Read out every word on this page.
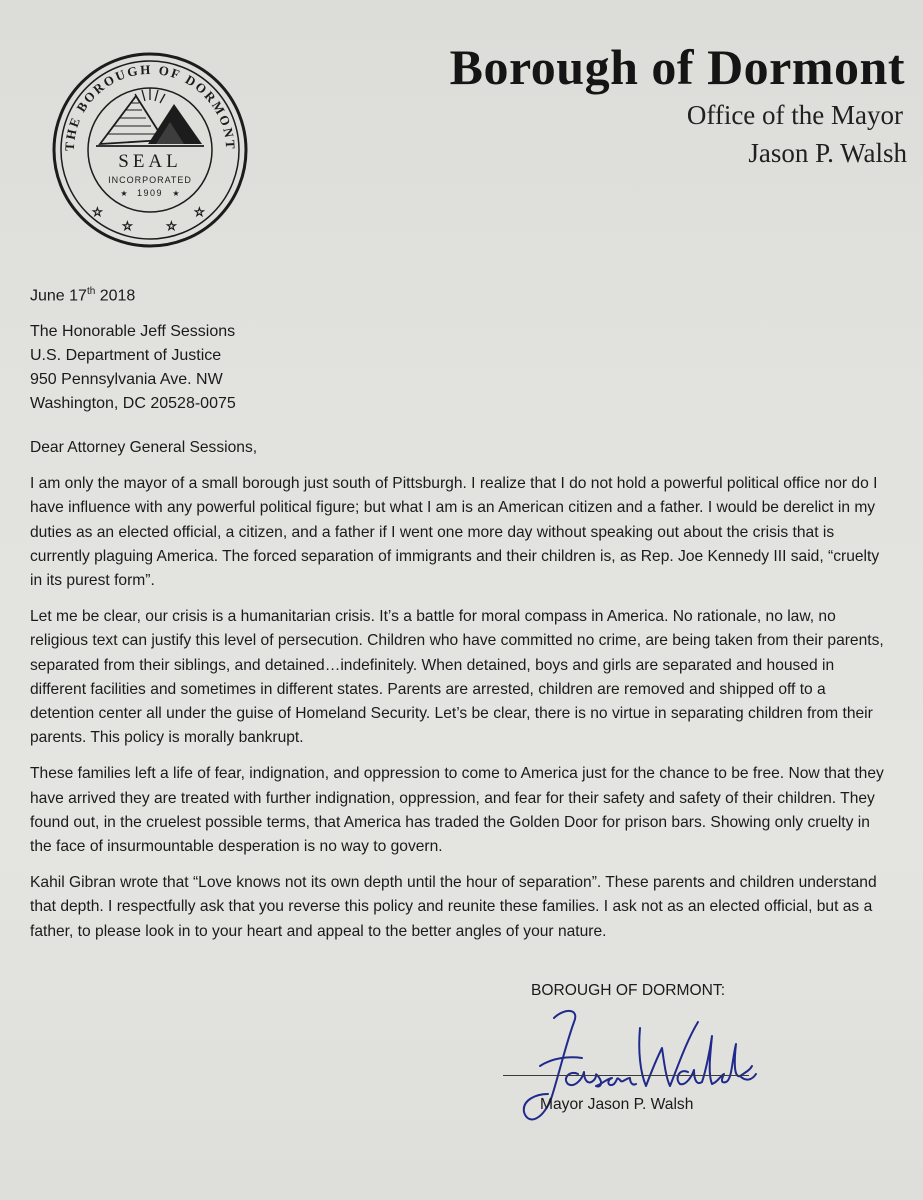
THE BOROUGH OF DORMONT
SEAL
INCORPORATED
1909
★	★
☆
☆	☆
☆
Borough of Dormont
Office of the Mayor
Jason P. Walsh
June 17th 2018
The Honorable Jeff Sessions
U.S. Department of Justice
950 Pennsylvania Ave. NW
Washington, DC 20528-0075

Dear Attorney General Sessions,

I am only the mayor of a small borough just south of Pittsburgh. I realize that I do not hold a powerful political office nor do I have influence with any powerful political figure; but what I am is an American citizen and a father. I would be derelict in my duties as an elected official, a citizen, and a father if I went one more day without speaking out about the crisis that is currently plaguing America. The forced separation of immigrants and their children is, as Rep. Joe Kennedy III said, “cruelty in its purest form”.

Let me be clear, our crisis is a humanitarian crisis. It’s a battle for moral compass in America. No rationale, no law, no religious text can justify this level of persecution. Children who have committed no crime, are being taken from their parents, separated from their siblings, and detained…indefinitely. When detained, boys and girls are separated and housed in different facilities and sometimes in different states. Parents are arrested, children are removed and shipped off to a detention center all under the guise of Homeland Security. Let’s be clear, there is no virtue in separating children from their parents. This policy is morally bankrupt.

These families left a life of fear, indignation, and oppression to come to America just for the chance to be free. Now that they have arrived they are treated with further indignation, oppression, and fear for their safety and safety of their children. They found out, in the cruelest possible terms, that America has traded the Golden Door for prison bars. Showing only cruelty in the face of insurmountable desperation is no way to govern.

Kahil Gibran wrote that “Love knows not its own depth until the hour of separation”. These parents and children understand that depth. I respectfully ask that you reverse this policy and reunite these families. I ask not as an elected official, but as a father, to please look in to your heart and appeal to the better angles of your nature.

BOROUGH OF DORMONT:
Mayor Jason P. Walsh
